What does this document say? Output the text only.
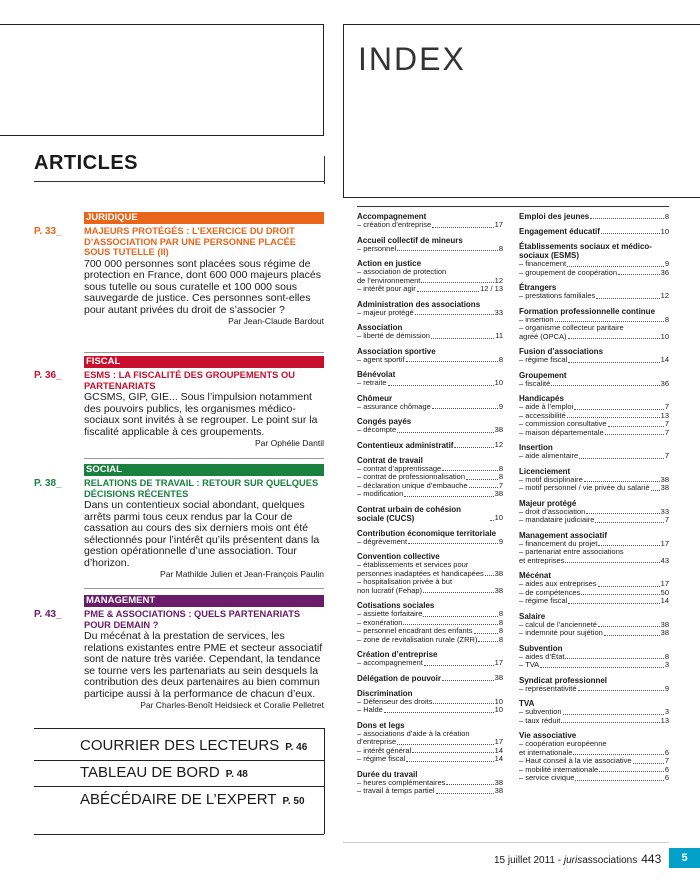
INDEX
ARTICLES
JURIDIQUE
P. 33_ MAJEURS PROTÉGÉS : L’EXERCICE DU DROIT D’ASSOCIATION PAR UNE PERSONNE PLACÉE SOUS TUTELLE (II)
700 000 personnes sont placées sous régime de protection en France, dont 600 000 majeurs placés sous tutelle ou sous curatelle et 100 000 sous sauvegarde de justice. Ces personnes sont-elles pour autant privées du droit de s’associer ?
Par Jean-Claude Bardout
FISCAL
P. 36_ ESMS : LA FISCALITÉ DES GROUPEMENTS OU PARTENARIATS
GCSMS, GIP, GIE... Sous l’impulsion notamment des pouvoirs publics, les organismes médico-sociaux sont invités à se regrouper. Le point sur la fiscalité applicable à ces groupements.
Par Ophélie Dantil
SOCIAL
P. 38_ RELATIONS DE TRAVAIL : RETOUR SUR QUELQUES DÉCISIONS RÉCENTES
Dans un contentieux social abondant, quelques arrêts parmi tous ceux rendus par la Cour de cassation au cours des six derniers mois ont été sélectionnés pour l’intérêt qu’ils présentent dans la gestion opérationnelle d’une association. Tour d’horizon.
Par Mathilde Julien et Jean-François Paulin
MANAGEMENT
P. 43_ PME & ASSOCIATIONS : QUELS PARTENARIATS POUR DEMAIN ?
Du mécénat à la prestation de services, les relations existantes entre PME et secteur associatif sont de nature très variée. Cependant, la tendance se tourne vers les partenariats au sein desquels la contribution des deux partenaires au bien commun participe aussi à la performance de chacun d’eux.
Par Charles-Benoît Heidsieck et Coralie Pelletret
COURRIER DES LECTEURS P. 46
TABLEAU DE BORD P. 48
ABÉCÉDAIRE DE L’EXPERT P. 50
Accompagnement
– création d’entreprise	17
Accueil collectif de mineurs
– personnel	8
Action en justice
– association de protection
de l’environnement	12
– intérêt pour agir	12 / 13
Administration des associations
– majeur protégé	33
Association
– liberté de démission	11
Association sportive
– agent sportif	8
Bénévolat
– retraite	10
Chômeur
– assurance chômage	9
Congés payés
– décompte	38
Contentieux administratif	12
Contrat de travail
– contrat d’apprentissage	8
– contrat de professionnalisation	8
– déclaration unique d’embauche	7
– modification	38
Contrat urbain de cohésion sociale (CUCS)	10
Contribution économique territoriale
– dégrèvement	9
Convention collective
– établissements et services pour
personnes inadaptées et handicapées 38
– hospitalisation privée à but
non lucratif (Fehap)	38
Cotisations sociales
– assiette forfaitaire	8
– exonération	8
– personnel encadrant des enfants	8
– zone de revitalisation rurale (ZRR)	8
Création d’entreprise
– accompagnement	17
Délégation de pouvoir	38
Discrimination
– Défenseur des droits	10
– Halde	10
Dons et legs
– associations d’aide à la création
d’entreprise	17
– intérêt général	14
– régime fiscal	14
Durée du travail
– heures complémentaires	38
– travail à temps partiel	38
Emploi des jeunes	8
Engagement éducatif	10
Établissements sociaux et médico-sociaux (ESMS)
– financement	9
– groupement de coopération	36
Étrangers
– prestations familiales	12
Formation professionnelle continue
– insertion	8
– organisme collecteur paritaire
agréé (OPCA)	10
Fusion d’associations
– régime fiscal	14
Groupement
– fiscalité	36
Handicapés
– aide à l’emploi	7
– accessibilité	13
– commission consultative	7
– maison départementale	7
Insertion
– aide alimentaire	7
Licenciement
– motif disciplinaire	38
– motif personnel / vie privée du salarié 38
Majeur protégé
– droit d’association	33
– mandataire judiciaire	7
Management associatif
– financement du projet	17
– partenariat entre associations
et entreprises	43
Mécénat
– aides aux entreprises	17
– de compétences	50
– régime fiscal	14
Salaire
– calcul de l’ancienneté	38
– indemnité pour sujétion	38
Subvention
– aides d’État	8
– TVA	3
Syndicat professionnel
– représentativité	9
TVA
– subvention	3
– taux réduit	13
Vie associative
– coopération européenne
et internationale	6
– Haut conseil à la vie associative	7
– mobilité internationale	6
– service civique	6
15 juillet 2011 - jurisassociations 443	5
